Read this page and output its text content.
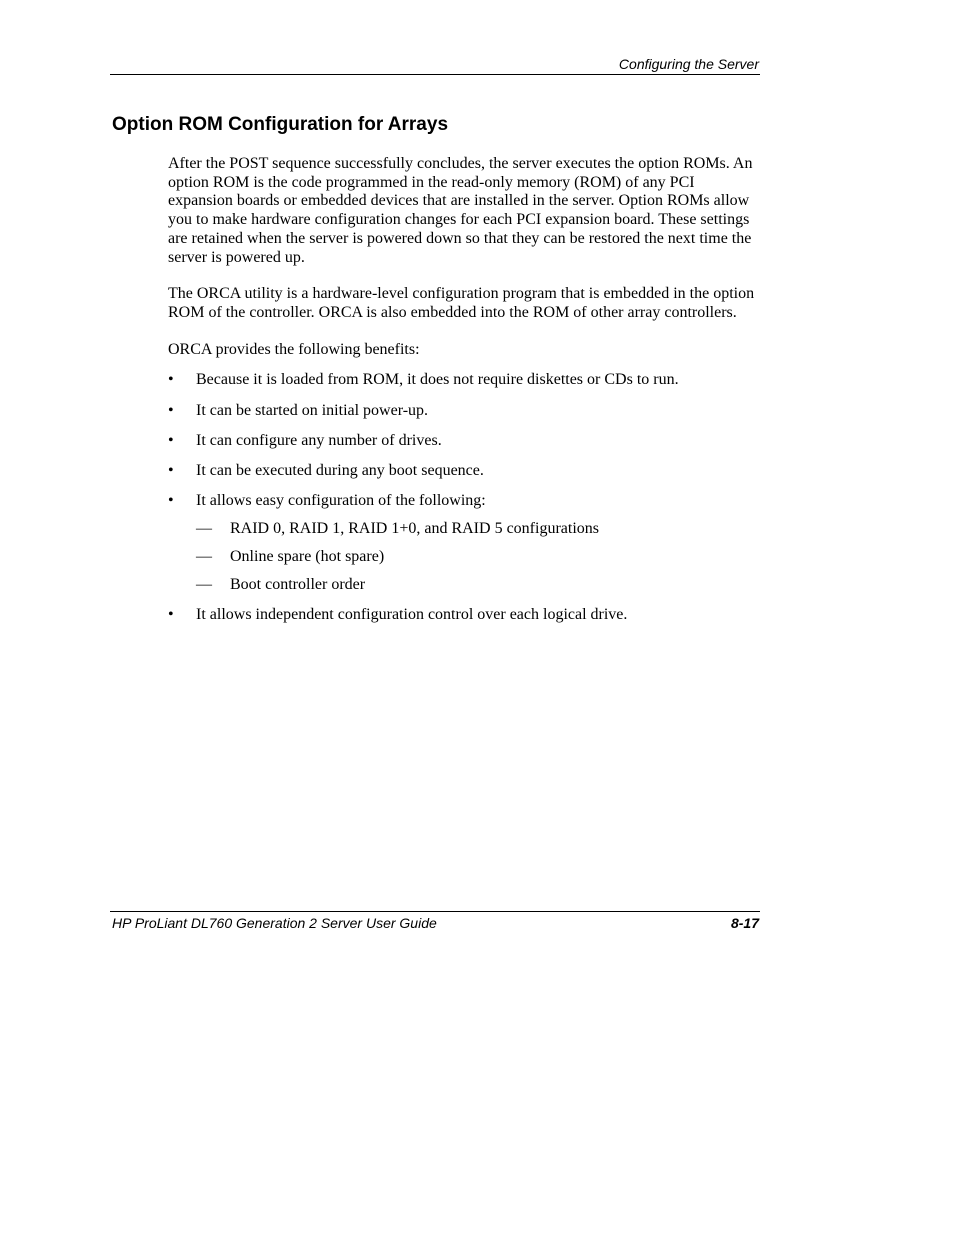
Configuring the Server
Option ROM Configuration for Arrays

After the POST sequence successfully concludes, the server executes the option ROMs. An option ROM is the code programmed in the read-only memory (ROM) of any PCI expansion boards or embedded devices that are installed in the server. Option ROMs allow you to make hardware configuration changes for each PCI expansion board. These settings are retained when the server is powered down so that they can be restored the next time the server is powered up.

The ORCA utility is a hardware-level configuration program that is embedded in the option ROM of the controller. ORCA is also embedded into the ROM of other array controllers.

ORCA provides the following benefits:

•	Because it is loaded from ROM, it does not require diskettes or CDs to run.
•	It can be started on initial power-up.
•	It can configure any number of drives.
•	It can be executed during any boot sequence.
•	It allows easy configuration of the following:
—	RAID 0, RAID 1, RAID 1+0, and RAID 5 configurations
—	Online spare (hot spare)
—	Boot controller order
•	It allows independent configuration control over each logical drive.
HP ProLiant DL760 Generation 2 Server User Guide	8-17
